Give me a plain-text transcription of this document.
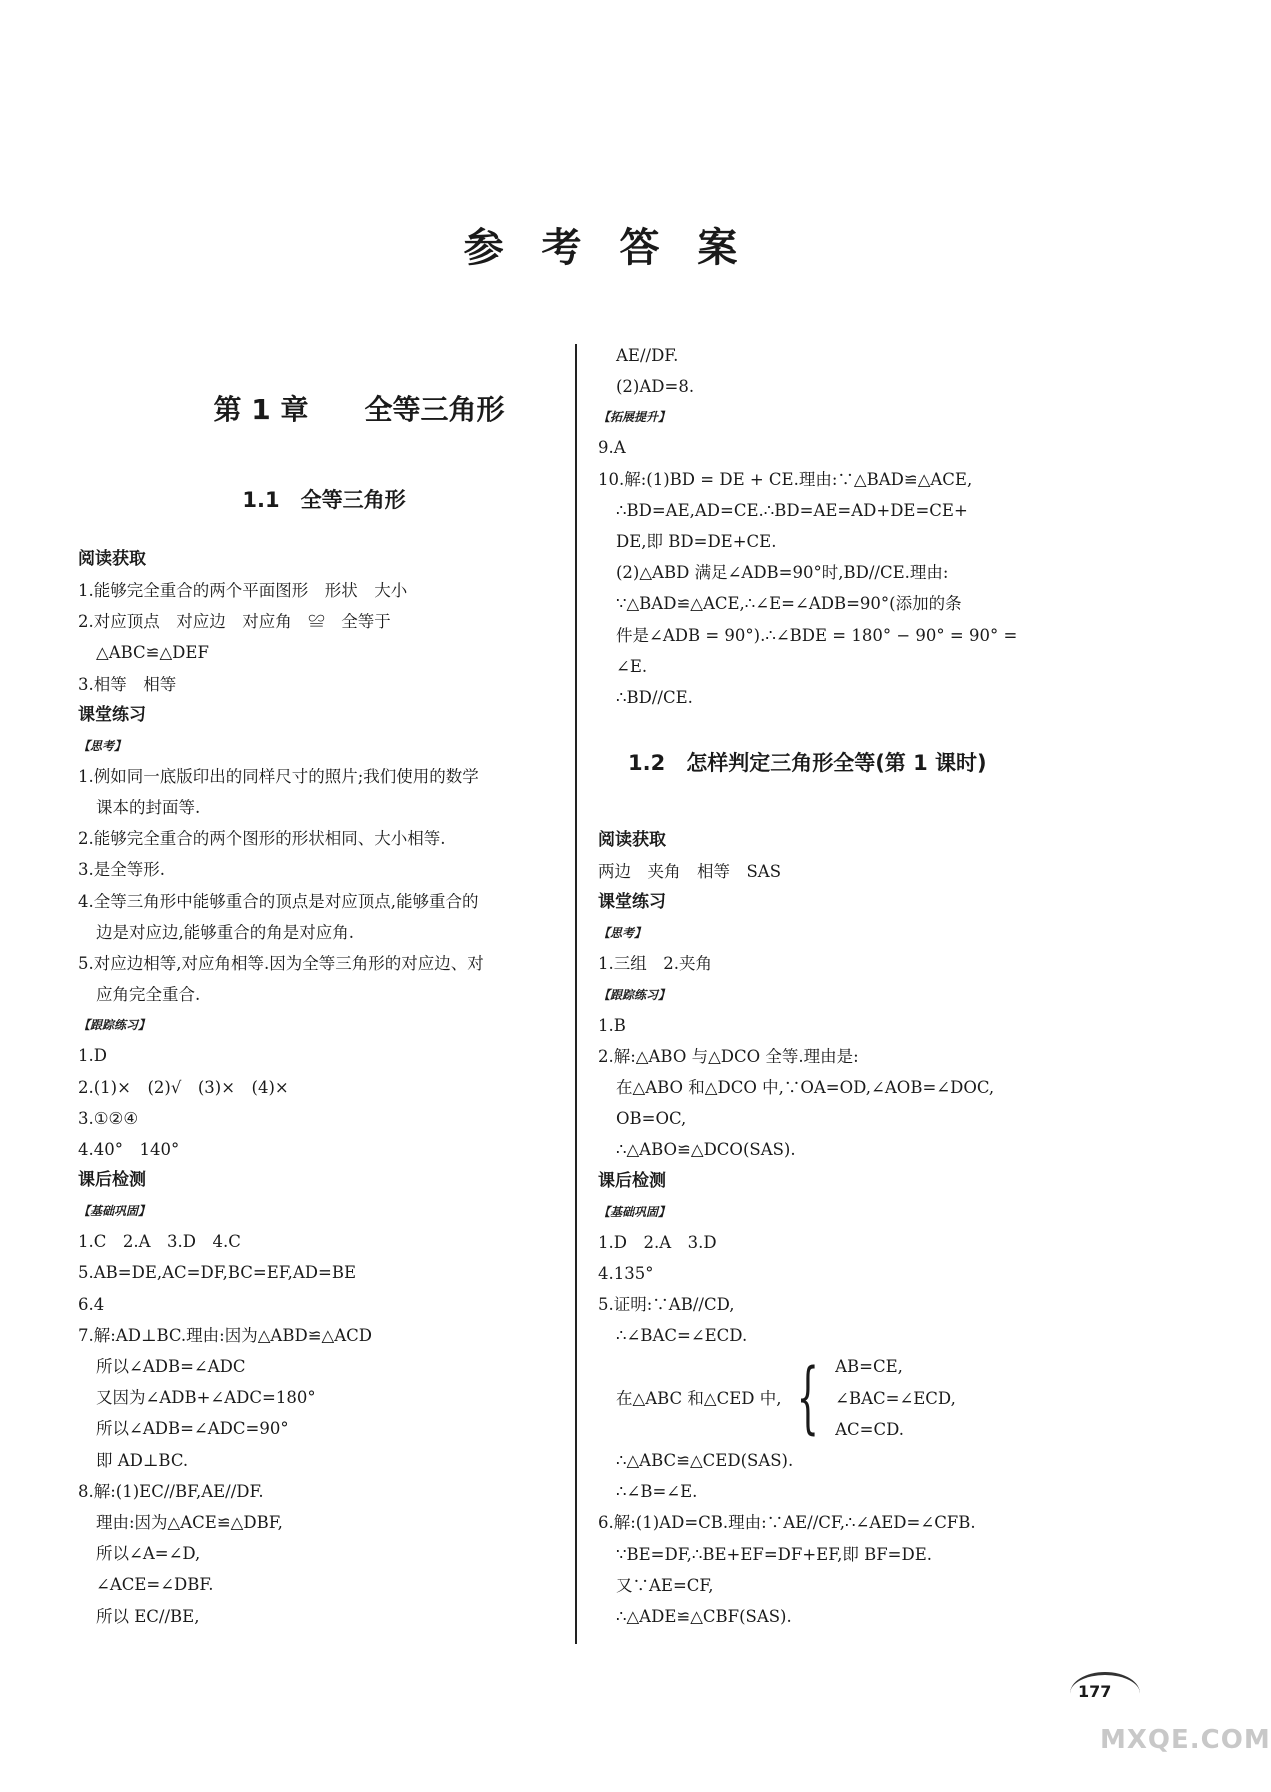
参 考 答 案
第 1 章　　全等三角形
1.1　全等三角形
阅读获取
1.能够完全重合的两个平面图形　形状　大小
2.对应顶点　对应边　对应角　≌　全等于
△ABC≌△DEF
3.相等　相等
课堂练习
【思考】
1.例如同一底版印出的同样尺寸的照片;我们使用的数学
课本的封面等.
2.能够完全重合的两个图形的形状相同、大小相等.
3.是全等形.
4.全等三角形中能够重合的顶点是对应顶点,能够重合的
边是对应边,能够重合的角是对应角.
5.对应边相等,对应角相等.因为全等三角形的对应边、对
应角完全重合.
【跟踪练习】
1.D
2.(1)×　(2)√　(3)×　(4)×
3.①②④
4.40°　140°
课后检测
【基础巩固】
1.C　2.A　3.D　4.C
5.AB=DE,AC=DF,BC=EF,AD=BE
6.4
7.解:AD⊥BC.理由:因为△ABD≌△ACD
所以∠ADB=∠ADC
又因为∠ADB+∠ADC=180°
所以∠ADB=∠ADC=90°
即 AD⊥BC.
8.解:(1)EC//BF,AE//DF.
理由:因为△ACE≌△DBF,
所以∠A=∠D,
∠ACE=∠DBF.
所以 EC//BE,
AE//DF.
(2)AD=8.
【拓展提升】
9.A
10.解:(1)BD = DE + CE.理由:∵△BAD≌△ACE,
∴BD=AE,AD=CE.∴BD=AE=AD+DE=CE+
DE,即 BD=DE+CE.
(2)△ABD 满足∠ADB=90°时,BD//CE.理由:
∵△BAD≌△ACE,∴∠E=∠ADB=90°(添加的条
件是∠ADB = 90°).∴∠BDE = 180° − 90° = 90° =
∠E.
∴BD//CE.
1.2　怎样判定三角形全等(第 1 课时)
阅读获取
两边　夹角　相等　SAS
课堂练习
【思考】
1.三组　2.夹角
【跟踪练习】
1.B
2.解:△ABO 与△DCO 全等.理由是:
在△ABO 和△DCO 中,∵OA=OD,∠AOB=∠DOC,
OB=OC,
∴△ABO≌△DCO(SAS).
课后检测
【基础巩固】
1.D　2.A　3.D
4.135°
5.证明:∵AB//CD,
∴∠BAC=∠ECD.
在△ABC 和△CED 中, { AB=CE,
∠BAC=∠ECD,
AC=CD.
∴△ABC≌△CED(SAS).
∴∠B=∠E.
6.解:(1)AD=CB.理由:∵AE//CF,∴∠AED=∠CFB.
∵BE=DF,∴BE+EF=DF+EF,即 BF=DE.
又∵AE=CF,
∴△ADE≌△CBF(SAS).
177
MXQE.COM
